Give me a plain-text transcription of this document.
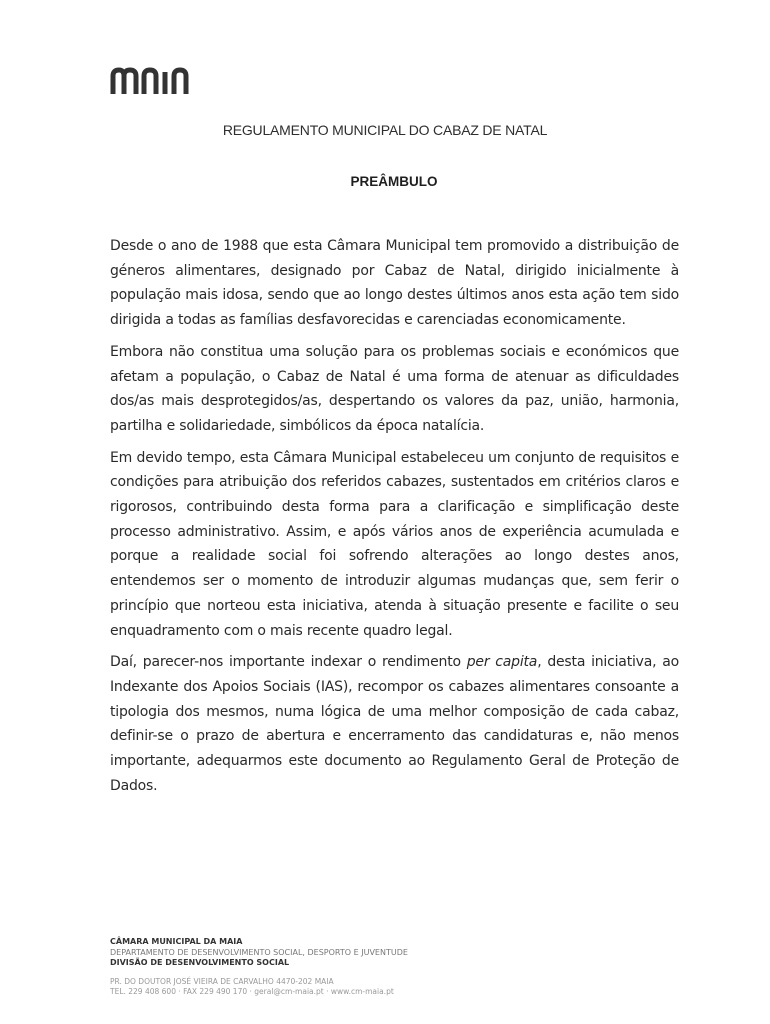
REGULAMENTO MUNICIPAL DO CABAZ DE NATAL
PREÂMBULO

Desde o ano de 1988 que esta Câmara Municipal tem promovido a distribuição de géneros alimentares, designado por Cabaz de Natal, dirigido inicialmente à população mais idosa, sendo que ao longo destes últimos anos esta ação tem sido dirigida a todas as famílias desfavorecidas e carenciadas economicamente.

Embora não constitua uma solução para os problemas sociais e económicos que afetam a população, o Cabaz de Natal é uma forma de atenuar as dificuldades dos/as mais desprotegidos/as, despertando os valores da paz, união, harmonia, partilha e solidariedade, simbólicos da época natalícia.

Em devido tempo, esta Câmara Municipal estabeleceu um conjunto de requisitos e condições para atribuição dos referidos cabazes, sustentados em critérios claros e rigorosos, contribuindo desta forma para a clarificação e simplificação deste processo administrativo. Assim, e após vários anos de experiência acumulada e porque a realidade social foi sofrendo alterações ao longo destes anos, entendemos ser o momento de introduzir algumas mudanças que, sem ferir o princípio que norteou esta iniciativa, atenda à situação presente e facilite o seu enquadramento com o mais recente quadro legal.

Daí, parecer-nos importante indexar o rendimento per capita, desta iniciativa, ao Indexante dos Apoios Sociais (IAS), recompor os cabazes alimentares consoante a tipologia dos mesmos, numa lógica de uma melhor composição de cada cabaz, definir-se o prazo de abertura e encerramento das candidaturas e, não menos importante, adequarmos este documento ao Regulamento Geral de Proteção de Dados.

CÂMARA MUNICIPAL DA MAIA
DEPARTAMENTO DE DESENVOLVIMENTO SOCIAL, DESPORTO E JUVENTUDE
DIVISÃO DE DESENVOLVIMENTO SOCIAL
PR. DO DOUTOR JOSÉ VIEIRA DE CARVALHO 4470-202 MAIA
TEL. 229 408 600 · FAX 229 490 170 · geral@cm-maia.pt · www.cm-maia.pt
